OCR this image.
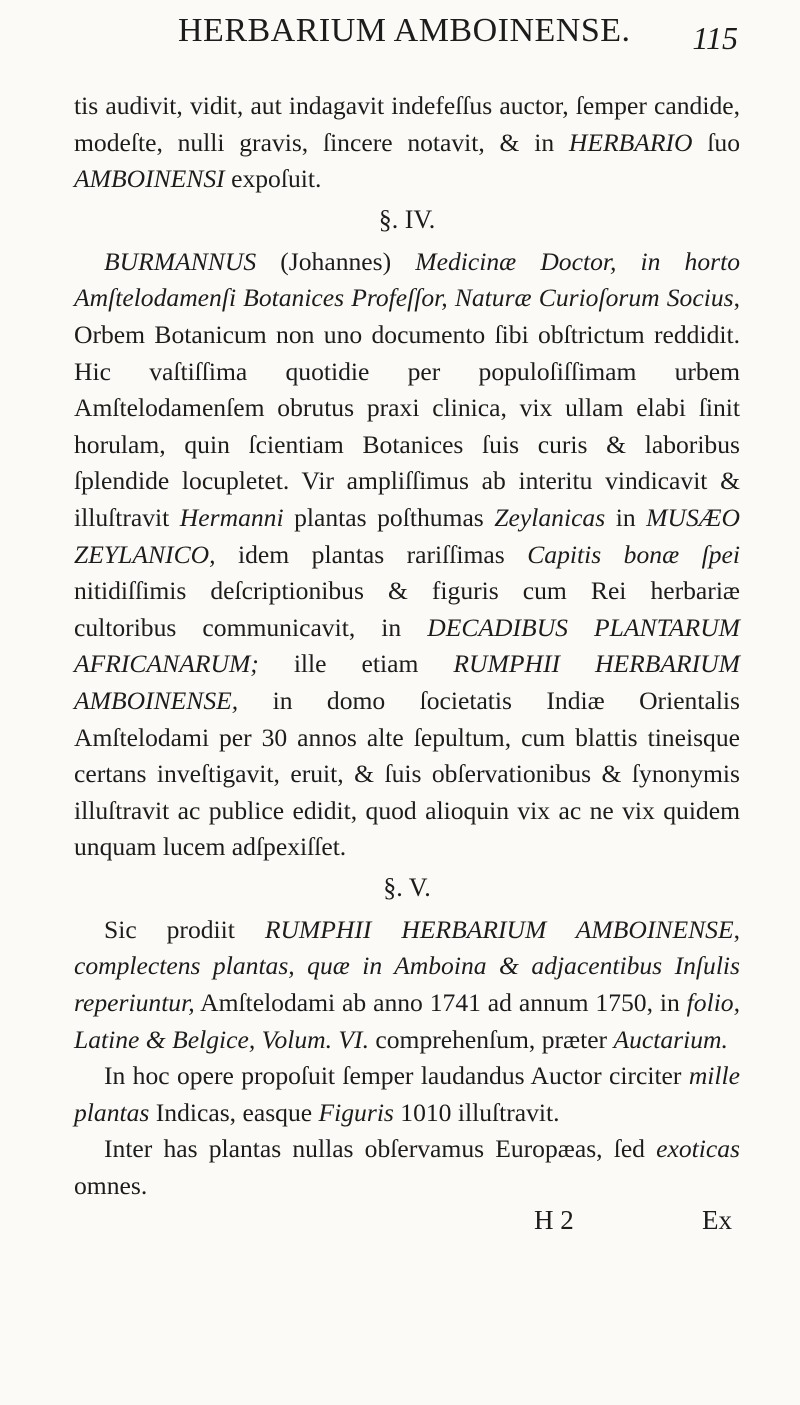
HERBARIUM AMBOINENSE. 115

tis audivit, vidit, aut indagavit indefeſſus auctor, ſemper candide, modeſte, nulli gravis, ſincere notavit, & in HERBARIO ſuo AMBOINENSI expoſuit.

§. IV.

BURMANNUS (Johannes) Medicinæ Doctor, in horto Amſtelodamenſi Botanices Profeſſor, Naturæ Curioſorum Socius, Orbem Botanicum non uno documento ſibi obſtrictum reddidit. Hic vaſtiſſima quotidie per populoſiſſimam urbem Amſtelodamenſem obrutus praxi clinica, vix ullam elabi ſinit horulam, quin ſcientiam Botanices ſuis curis & laboribus ſplendide locupletet. Vir ampliſſimus ab interitu vindicavit & illuſtravit Hermanni plantas poſthumas Zeylanicas in MUSÆO ZEYLANICO, idem plantas rariſſimas Capitis bonæ ſpei nitidiſſimis deſcriptionibus & figuris cum Rei herbariæ cultoribus communicavit, in DECADIBUS PLANTARUM AFRICANARUM; ille etiam RUMPHII HERBARIUM AMBOINENSE, in domo ſocietatis Indiæ Orientalis Amſtelodami per 30 annos alte ſepultum, cum blattis tineisque certans inveſtigavit, eruit, & ſuis obſervationibus & ſynonymis illuſtravit ac publice edidit, quod alioquin vix ac ne vix quidem unquam lucem adſpexiſſet.

§. V.

Sic prodiit RUMPHII HERBARIUM AMBOINENSE, complectens plantas, quæ in Amboina & adjacentibus Inſulis reperiuntur, Amſtelodami ab anno 1741 ad annum 1750, in folio, Latine & Belgice, Volum. VI. comprehenſum, præter Auctarium.

In hoc opere propoſuit ſemper laudandus Auctor circiter mille plantas Indicas, easque Figuris 1010 illuſtravit.

Inter has plantas nullas obſervamus Europæas, ſed exoticas omnes.

H 2	Ex
